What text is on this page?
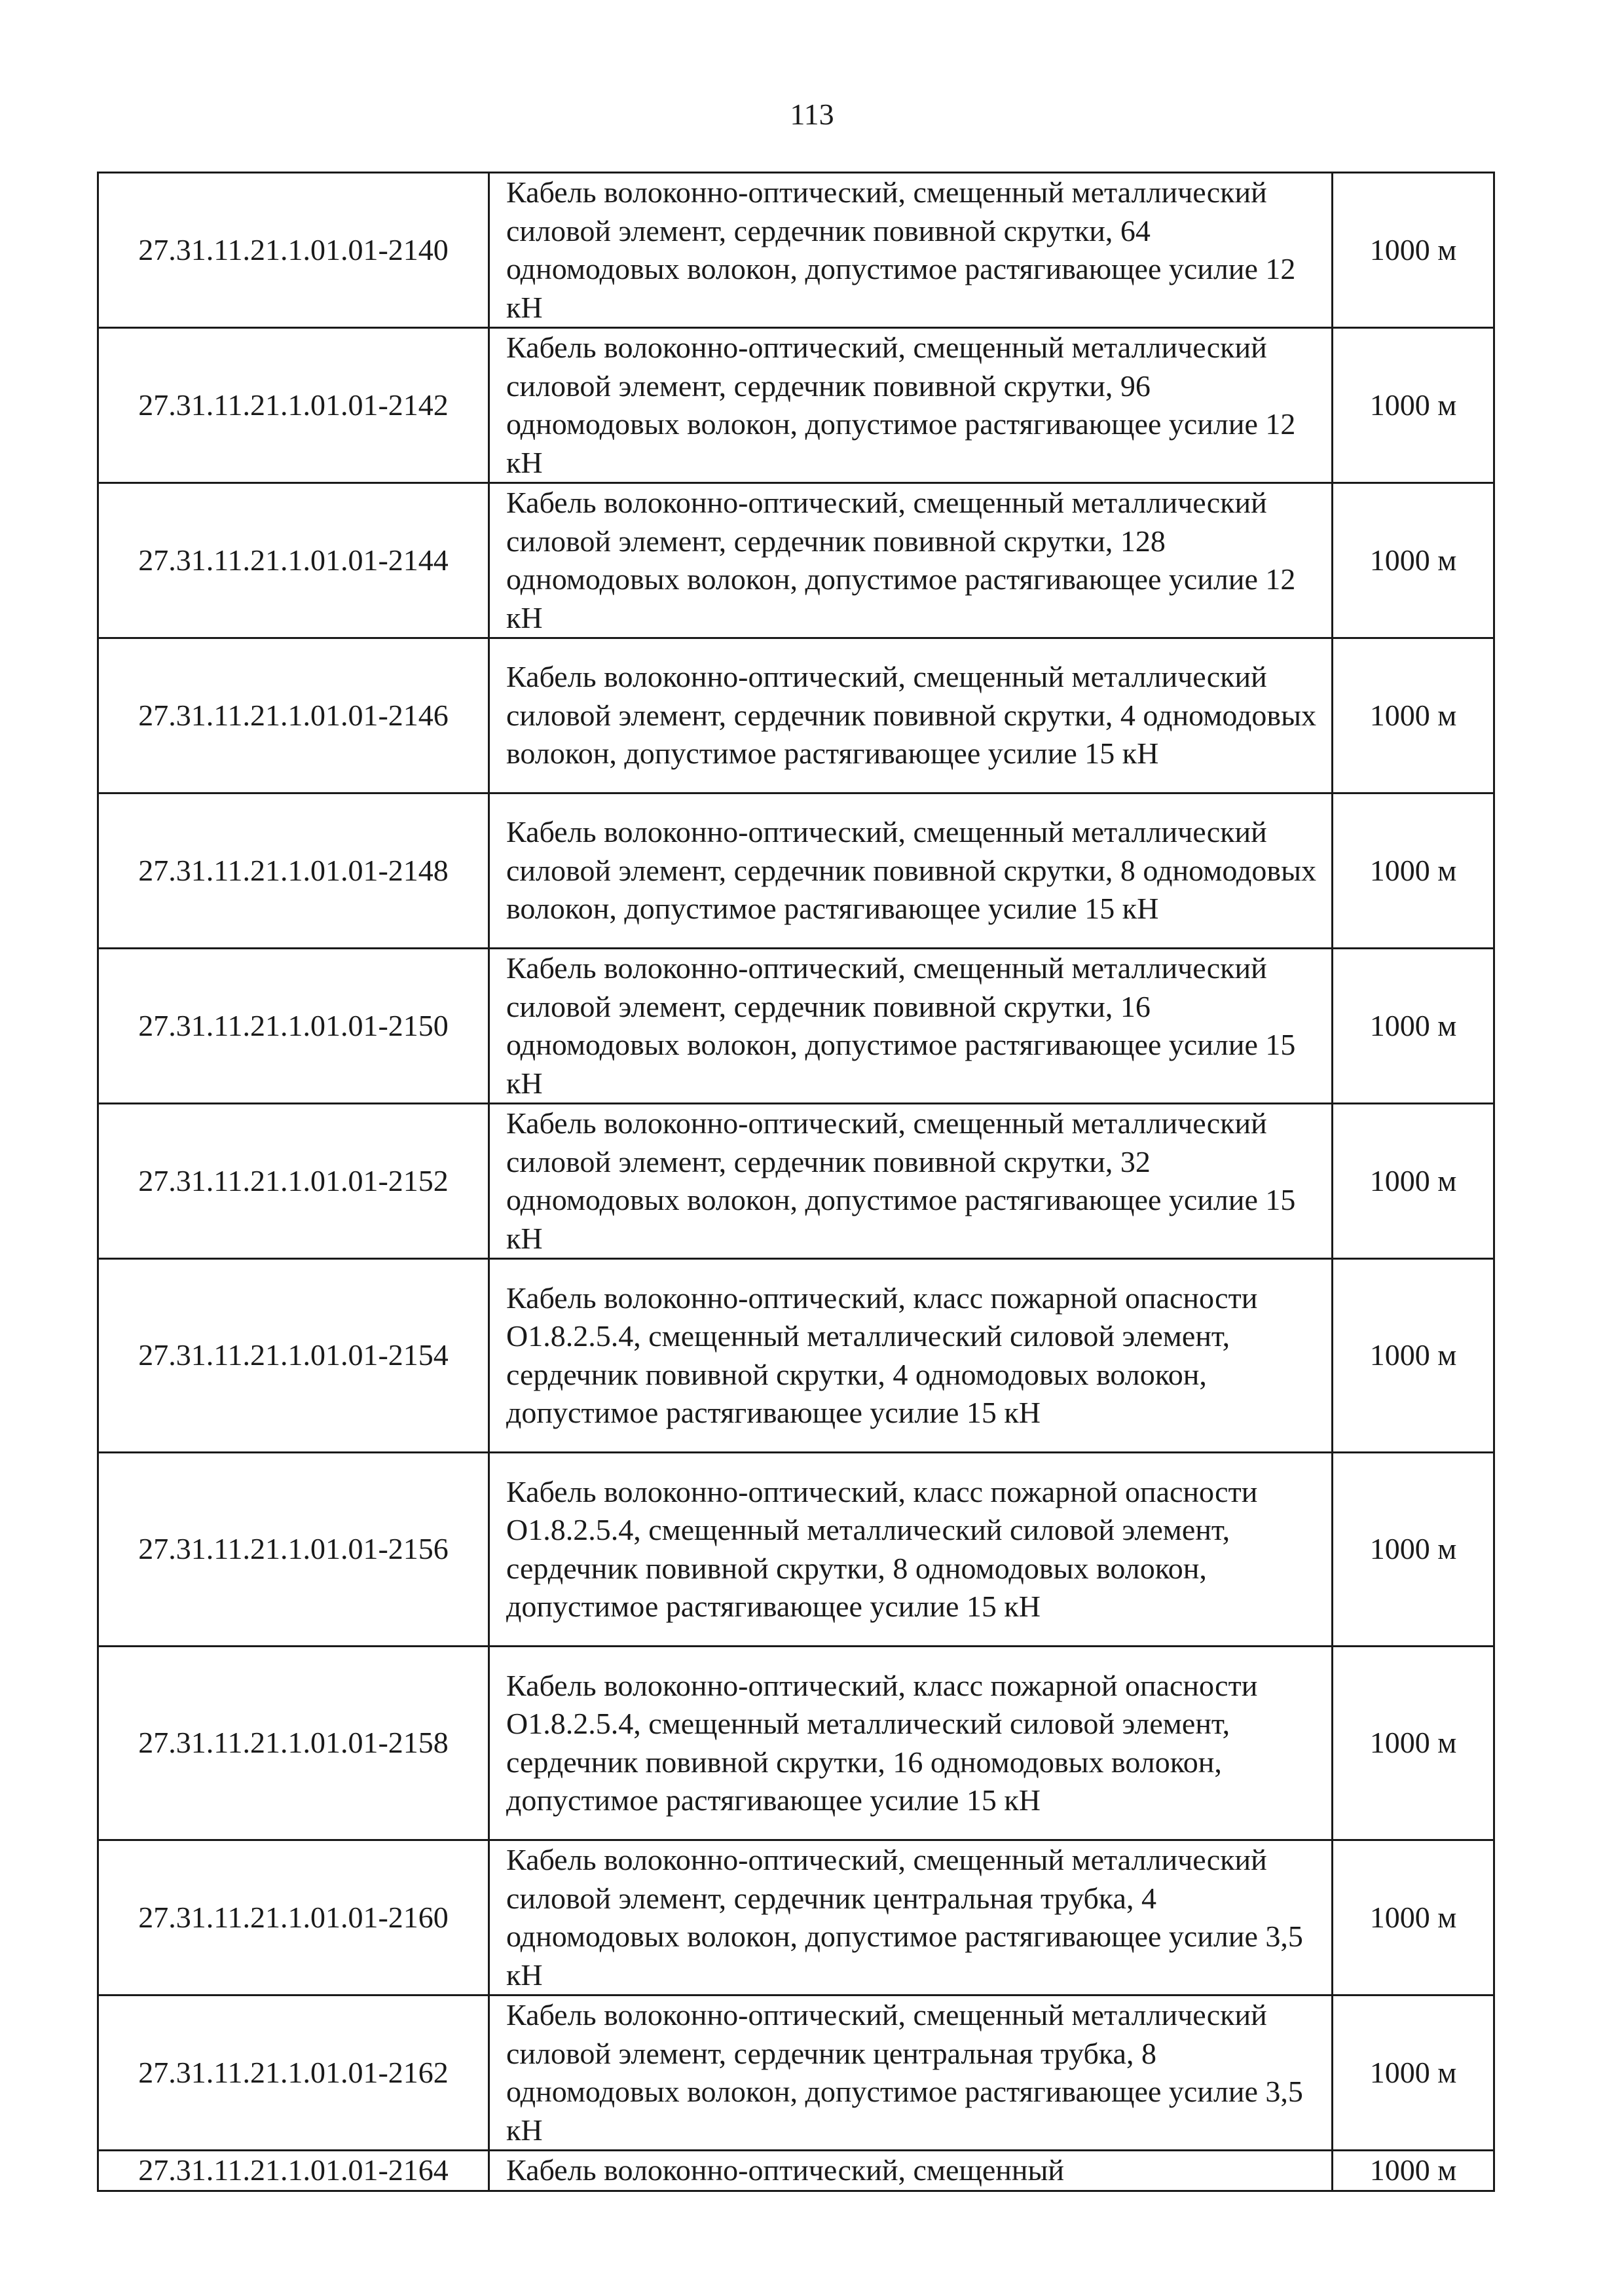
113
27.31.11.21.1.01.01-2140	Кабель волоконно-оптический, смещенный металлический силовой элемент, сердечник повивной скрутки, 64 одномодовых волокон, допустимое растягивающее усилие 12 кН	1000 м
27.31.11.21.1.01.01-2142	Кабель волоконно-оптический, смещенный металлический силовой элемент, сердечник повивной скрутки, 96 одномодовых волокон, допустимое растягивающее усилие 12 кН	1000 м
27.31.11.21.1.01.01-2144	Кабель волоконно-оптический, смещенный металлический силовой элемент, сердечник повивной скрутки, 128 одномодовых волокон, допустимое растягивающее усилие 12 кН	1000 м
27.31.11.21.1.01.01-2146	Кабель волоконно-оптический, смещенный металлический силовой элемент, сердечник повивной скрутки, 4 одномодовых волокон, допустимое растягивающее усилие 15 кН	1000 м
27.31.11.21.1.01.01-2148	Кабель волоконно-оптический, смещенный металлический силовой элемент, сердечник повивной скрутки, 8 одномодовых волокон, допустимое растягивающее усилие 15 кН	1000 м
27.31.11.21.1.01.01-2150	Кабель волоконно-оптический, смещенный металлический силовой элемент, сердечник повивной скрутки, 16 одномодовых волокон, допустимое растягивающее усилие 15 кН	1000 м
27.31.11.21.1.01.01-2152	Кабель волоконно-оптический, смещенный металлический силовой элемент, сердечник повивной скрутки, 32 одномодовых волокон, допустимое растягивающее усилие 15 кН	1000 м
27.31.11.21.1.01.01-2154	Кабель волоконно-оптический, класс пожарной опасности О1.8.2.5.4, смещенный металлический силовой элемент, сердечник повивной скрутки, 4 одномодовых волокон, допустимое растягивающее усилие 15 кН	1000 м
27.31.11.21.1.01.01-2156	Кабель волоконно-оптический, класс пожарной опасности О1.8.2.5.4, смещенный металлический силовой элемент, сердечник повивной скрутки, 8 одномодовых волокон, допустимое растягивающее усилие 15 кН	1000 м
27.31.11.21.1.01.01-2158	Кабель волоконно-оптический, класс пожарной опасности О1.8.2.5.4, смещенный металлический силовой элемент, сердечник повивной скрутки, 16 одномодовых волокон, допустимое растягивающее усилие 15 кН	1000 м
27.31.11.21.1.01.01-2160	Кабель волоконно-оптический, смещенный металлический силовой элемент, сердечник центральная трубка, 4 одномодовых волокон, допустимое растягивающее усилие 3,5 кН	1000 м
27.31.11.21.1.01.01-2162	Кабель волоконно-оптический, смещенный металлический силовой элемент, сердечник центральная трубка, 8 одномодовых волокон, допустимое растягивающее усилие 3,5 кН	1000 м
27.31.11.21.1.01.01-2164	Кабель волоконно-оптический, смещенный	1000 м
